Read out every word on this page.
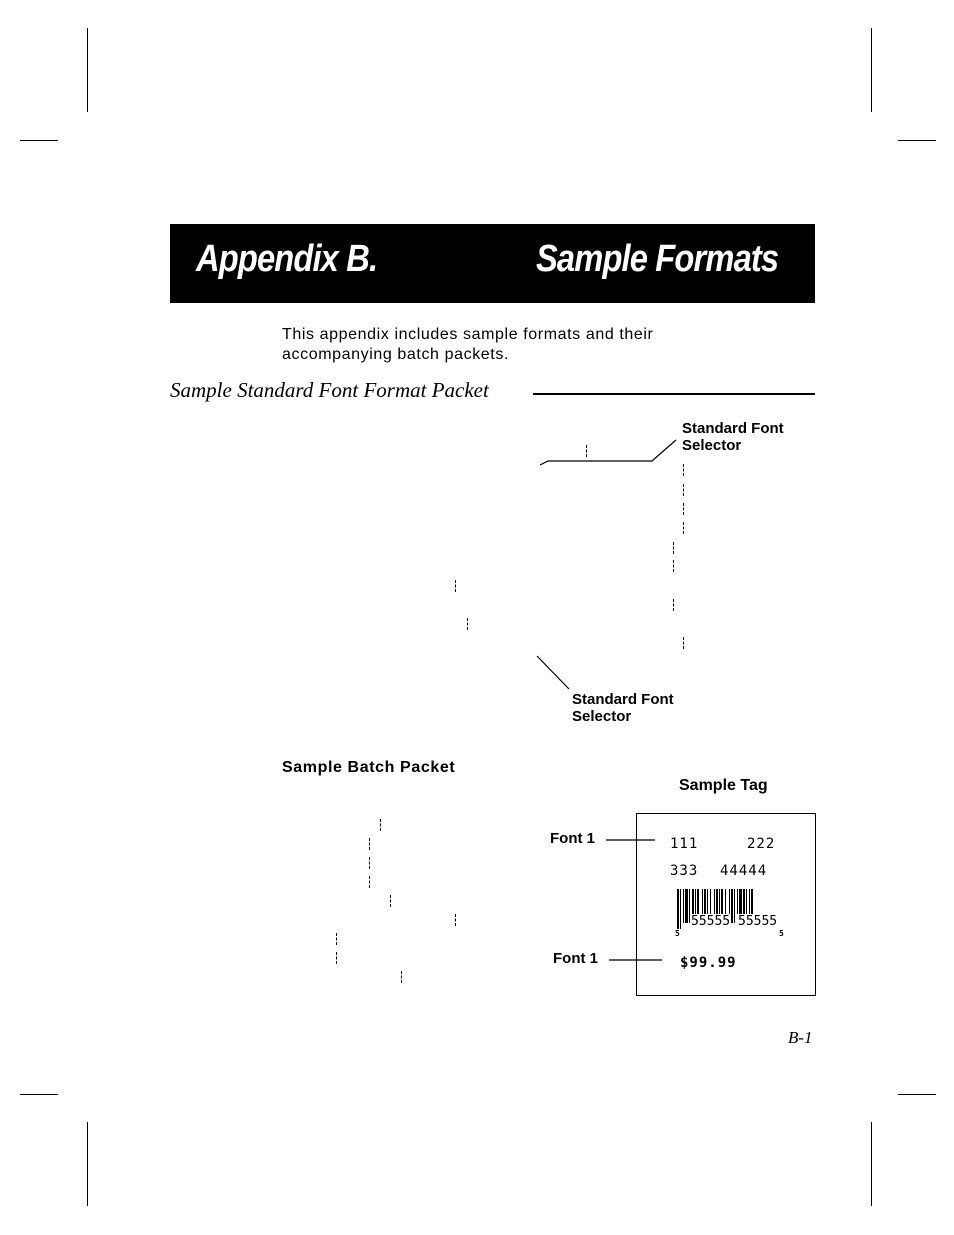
Appendix B.	Sample Formats
This appendix includes sample formats and their accompanying batch packets.
Sample Standard Font Format Packet
Standard Font
Selector
Standard Font
Selector
Sample Batch Packet
Sample Tag
Font 1
Font 1
111	222
333 44444
55555 55555
5	5
$99.99
B-1
